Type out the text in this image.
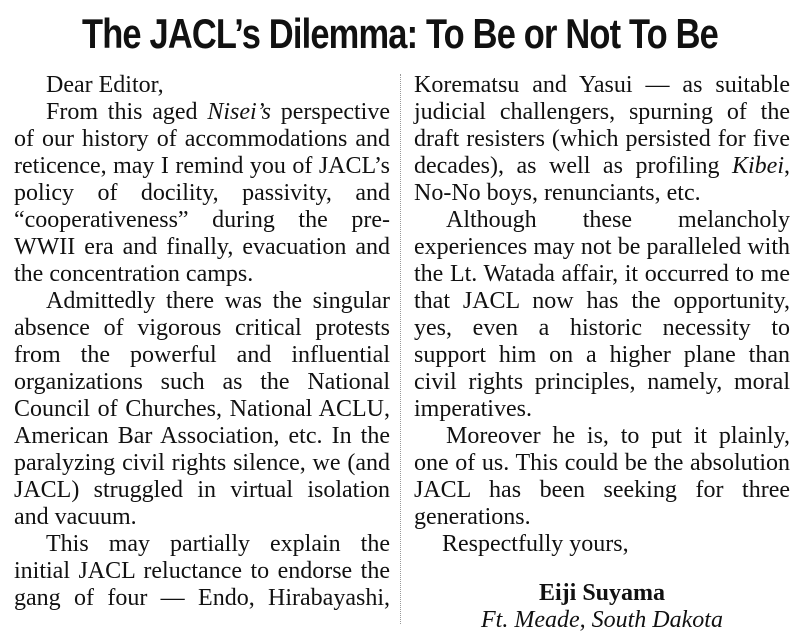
The JACL’s Dilemma: To Be or Not To Be
Dear Editor,

From this aged Nisei’s perspective of our history of accommodations and reticence, may I remind you of JACL’s policy of docility, passivity, and “cooperativeness” during the pre-WWII era and finally, evacuation and the concentration camps.

Admittedly there was the singular absence of vigorous critical protests from the powerful and influential organizations such as the National Council of Churches, National ACLU, American Bar Association, etc. In the paralyzing civil rights silence, we (and JACL) struggled in virtual isolation and vacuum.

This may partially explain the initial JACL reluctance to endorse the gang of four — Endo, Hirabayashi,

Korematsu and Yasui — as suitable judicial challengers, spurning of the draft resisters (which persisted for five decades), as well as profiling Kibei, No-No boys, renunciants, etc.

Although these melancholy experiences may not be paralleled with the Lt. Watada affair, it occurred to me that JACL now has the opportunity, yes, even a historic necessity to support him on a higher plane than civil rights principles, namely, moral imperatives.

Moreover he is, to put it plainly, one of us. This could be the absolution JACL has been seeking for three generations.

Respectfully yours,

Eiji Suyama
Ft. Meade, South Dakota
